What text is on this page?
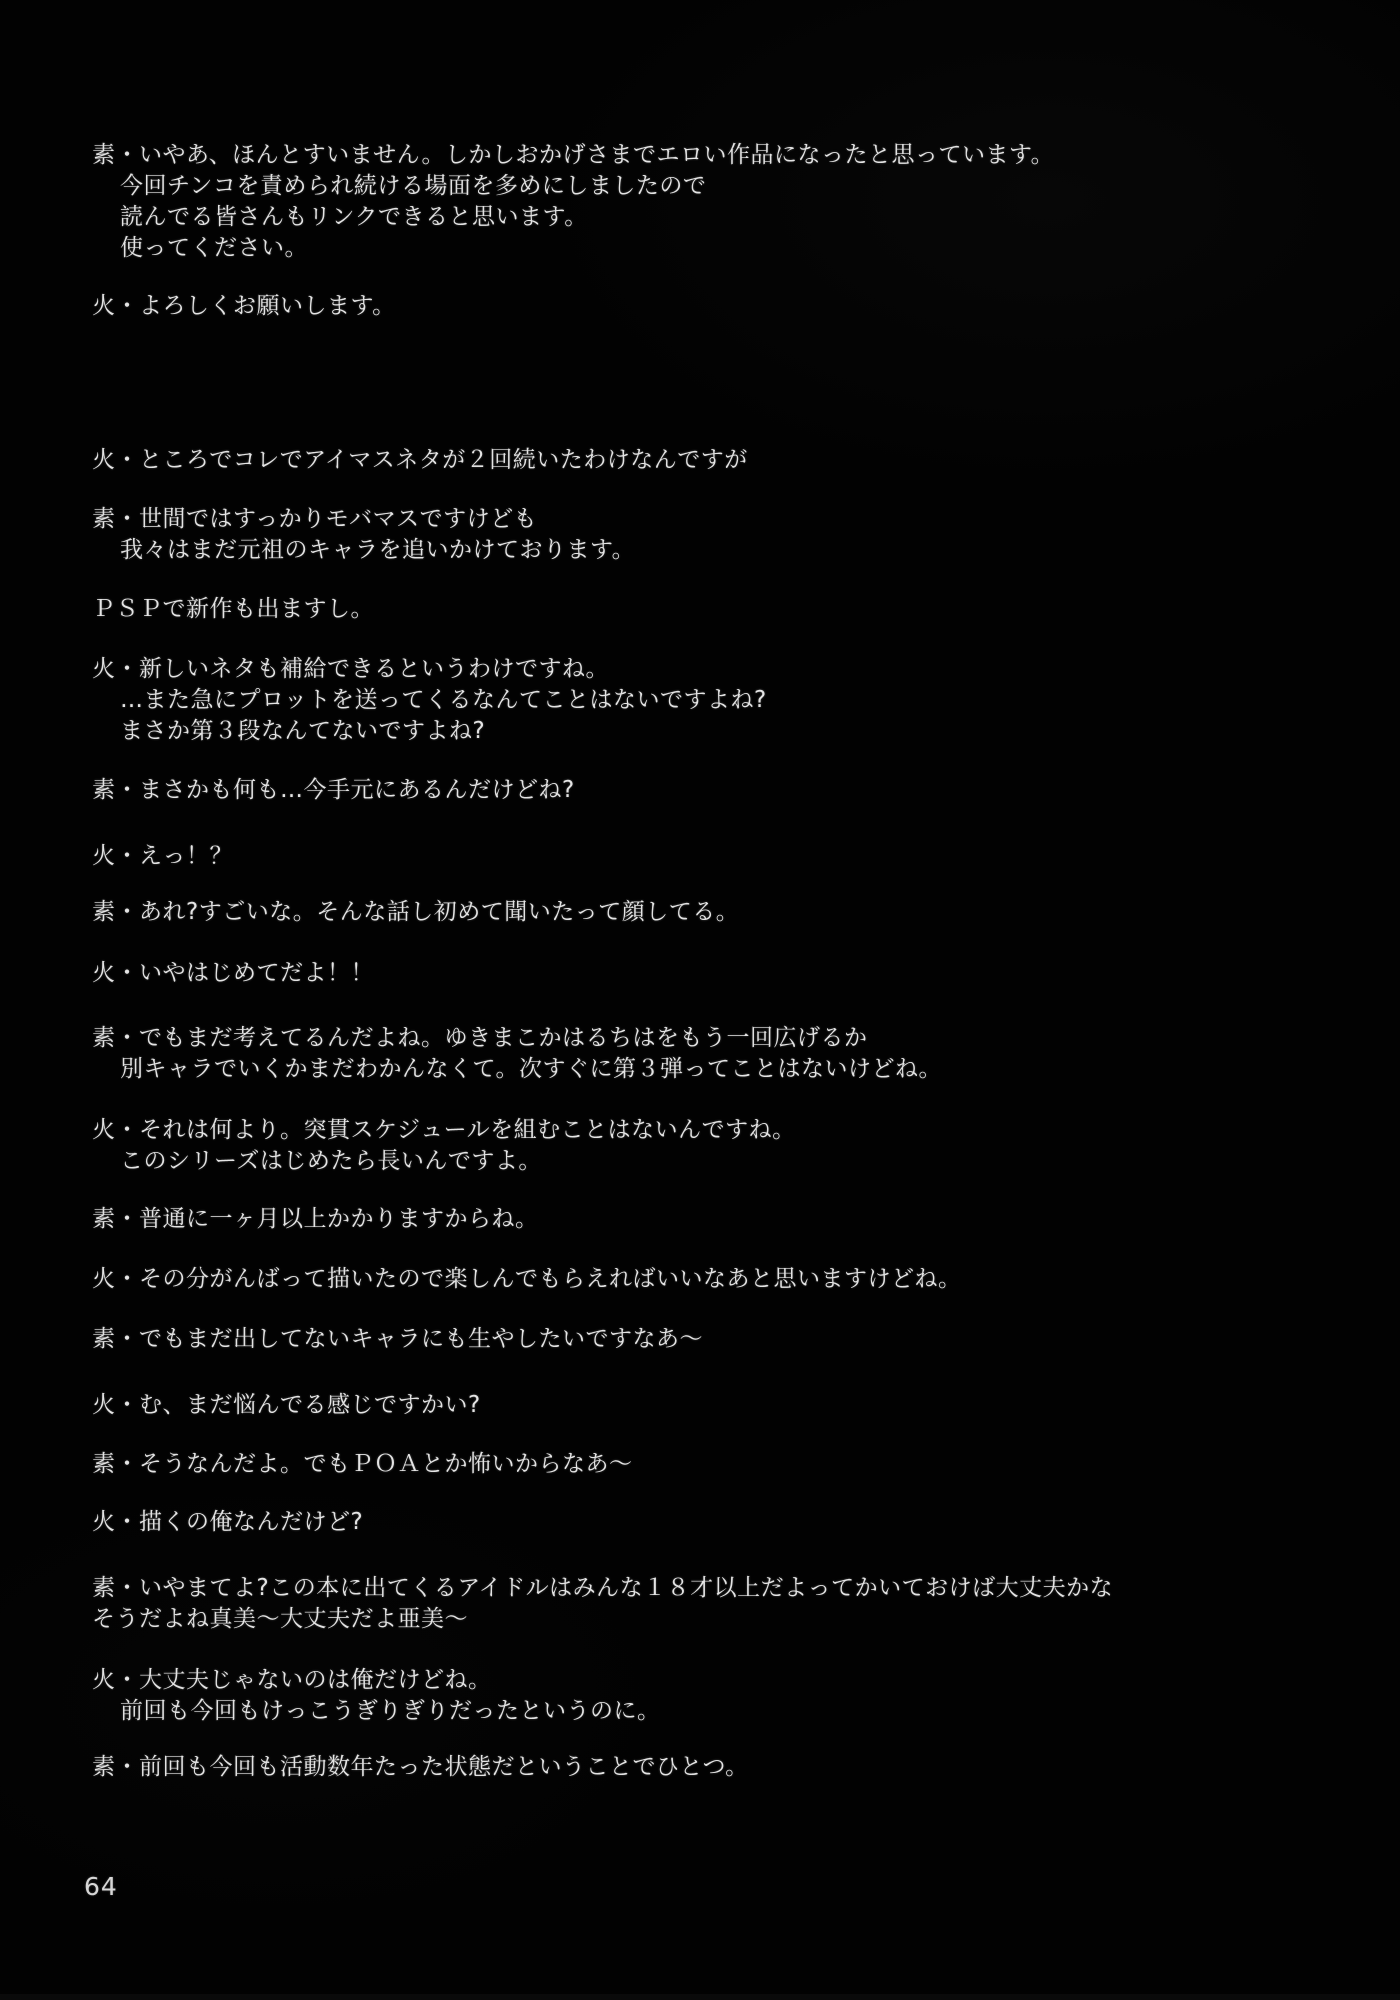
素・いやあ、ほんとすいません。しかしおかげさまでエロい作品になったと思っています。
今回チンコを責められ続ける場面を多めにしましたので
読んでる皆さんもリンクできると思います。
使ってください。
火・よろしくお願いします。
火・ところでコレでアイマスネタが２回続いたわけなんですが
素・世間ではすっかりモバマスですけども
我々はまだ元祖のキャラを追いかけております。
ＰＳＰで新作も出ますし。
火・新しいネタも補給できるというわけですね。
…また急にプロットを送ってくるなんてことはないですよね?
まさか第３段なんてないですよね?
素・まさかも何も…今手元にあるんだけどね?
火・えっ！？
素・あれ?すごいな。そんな話し初めて聞いたって顔してる。
火・いやはじめてだよ！！
素・でもまだ考えてるんだよね。ゆきまこかはるちはをもう一回広げるか
別キャラでいくかまだわかんなくて。次すぐに第３弾ってことはないけどね。
火・それは何より。突貫スケジュールを組むことはないんですね。
このシリーズはじめたら長いんですよ。
素・普通に一ヶ月以上かかりますからね。
火・その分がんばって描いたので楽しんでもらえればいいなあと思いますけどね。
素・でもまだ出してないキャラにも生やしたいですなあ〜
火・む、まだ悩んでる感じですかい?
素・そうなんだよ。でもＰＯＡとか怖いからなあ〜
火・描くの俺なんだけど?
素・いやまてよ?この本に出てくるアイドルはみんな１８才以上だよってかいておけば大丈夫かな
そうだよね真美〜大丈夫だよ亜美〜
火・大丈夫じゃないのは俺だけどね。
前回も今回もけっこうぎりぎりだったというのに。
素・前回も今回も活動数年たった状態だということでひとつ。
64
